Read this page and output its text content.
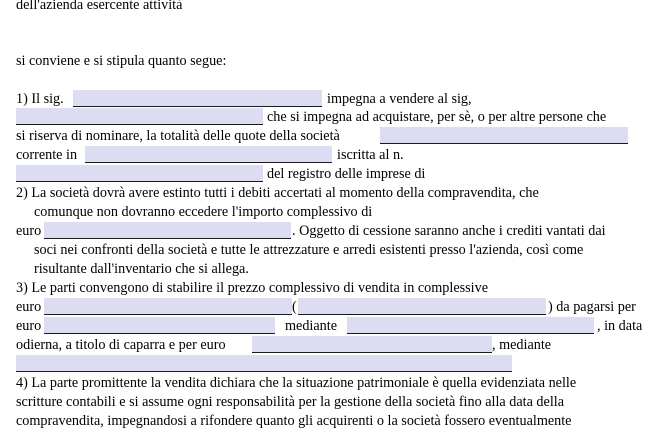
dell'azienda esercente attività
si conviene e si stipula quanto segue:
1) Il sig.	impegna a vendere al sig,
che si impegna ad acquistare, per sè, o per altre persone che
si riserva di nominare, la totalità delle quote della società
corrente in	iscritta al n.
del registro delle imprese di
2) La società dovrà avere estinto tutti i debiti accertati al momento della compravendita, che
comunque non dovranno eccedere l'importo complessivo di
euro	. Oggetto di cessione saranno anche i crediti vantati dai
soci nei confronti della società e tutte le attrezzature e arredi esistenti presso l'azienda, così come
risultante dall'inventario che si allega.
3) Le parti convengono di stabilire il prezzo complessivo di vendita in complessive
euro	(	) da pagarsi per
euro	mediante	, in data
odierna, a titolo di caparra e per euro	, mediante
4) La parte promittente la vendita dichiara che la situazione patrimoniale è quella evidenziata nelle
scritture contabili e si assume ogni responsabilità per la gestione della società fino alla data della
compravendita, impegnandosi a rifondere quanto gli acquirenti o la società fossero eventualmente
